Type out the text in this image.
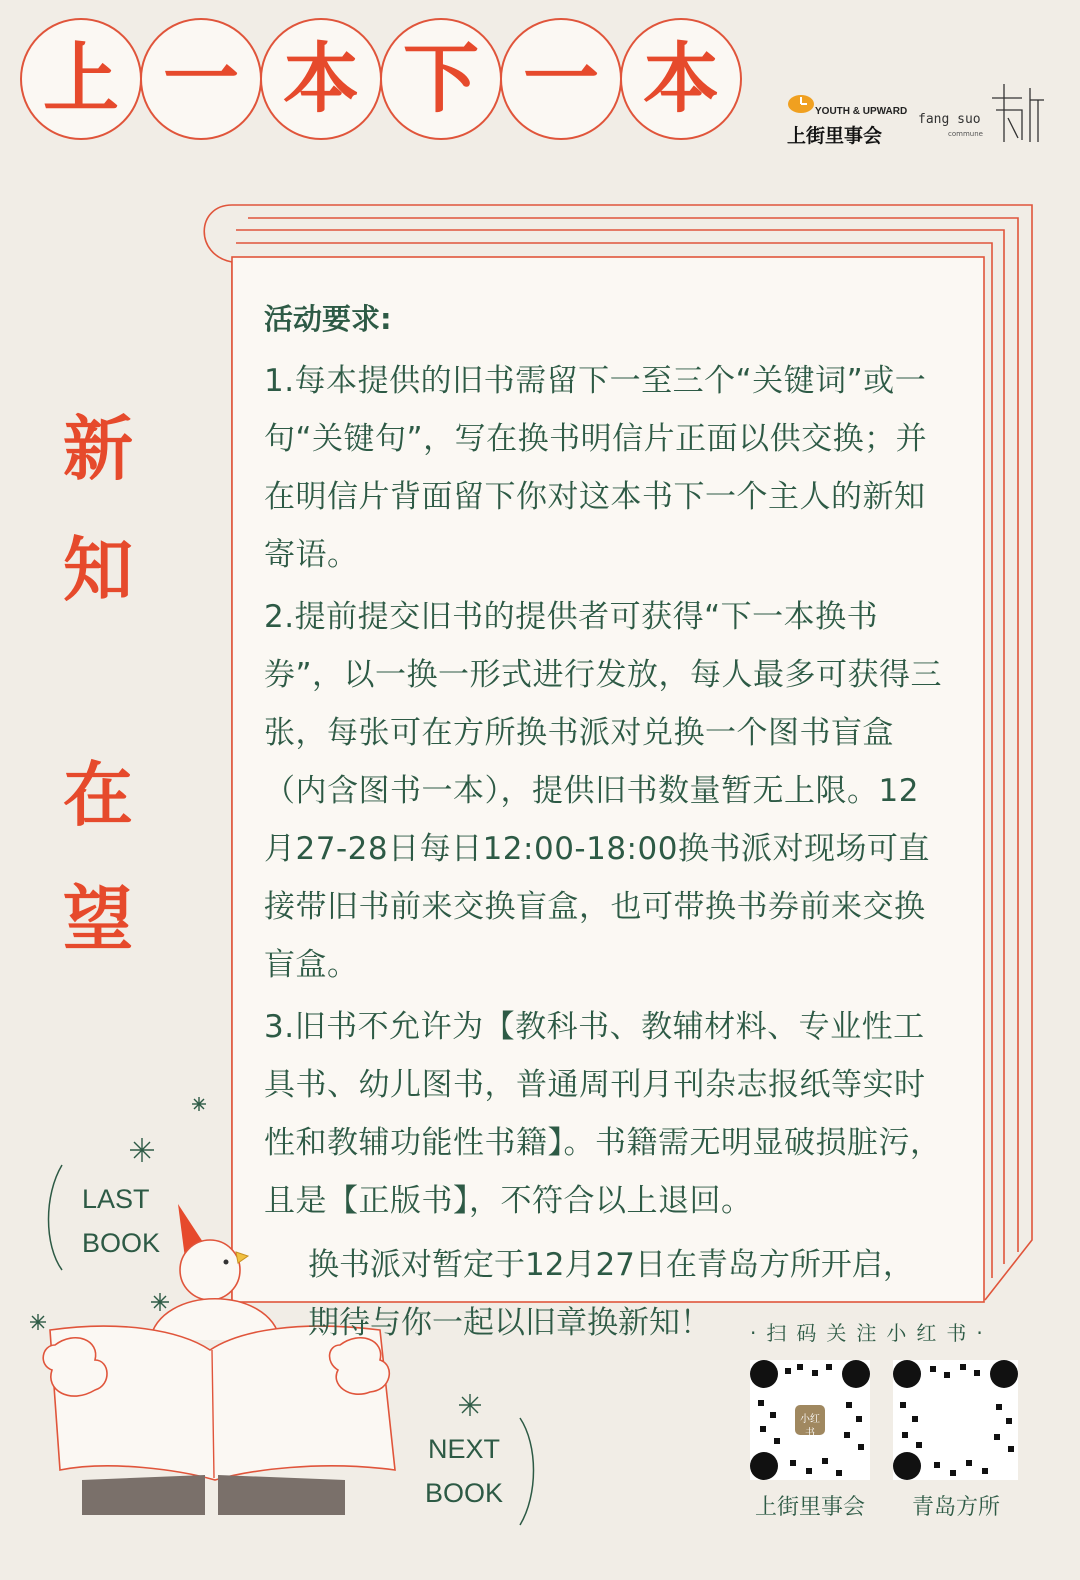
上 一 本 下 一 本	YOUTH & UPWARD
上街里事会
fang suo
commune
新
知
在
望
活动要求:
1.每本提供的旧书需留下一至三个“关键词”或一句“关键句”，写在换书明信片正面以供交换；并在明信片背面留下你对这本书下一个主人的新知寄语。
2.提前提交旧书的提供者可获得“下一本换书券”，以一换一形式进行发放，每人最多可获得三张，每张可在方所换书派对兑换一个图书盲盒（内含图书一本），提供旧书数量暂无上限。12月27-28日每日12:00-18:00换书派对现场可直接带旧书前来交换盲盒，也可带换书券前来交换盲盒。
3.旧书不允许为【教科书、教辅材料、专业性工具书、幼儿图书，普通周刊月刊杂志报纸等实时性和教辅功能性书籍】。书籍需无明显破损脏污，且是【正版书】，不符合以上退回。
换书派对暂定于12月27日在青岛方所开启，期待与你一起以旧章换新知！
LAST
BOOK
NEXT
BOOK
·扫码关注小红书·
小红书
上街里事会 青岛方所
